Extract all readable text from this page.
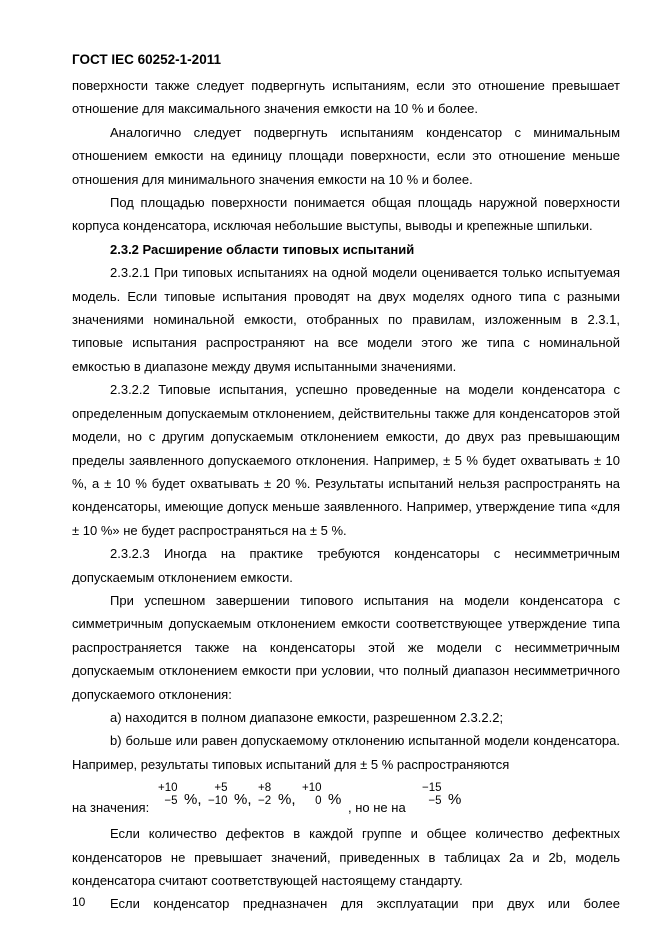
ГОСТ IEC 60252-1-2011

поверхности также следует подвергнуть испытаниям, если это отношение превышает отношение для максимального значения емкости на 10 % и более.

Аналогично следует подвергнуть испытаниям конденсатор с минимальным отношением емкости на единицу площади поверхности, если это отношение меньше отношения для минимального значения емкости на 10 % и более.

Под площадью поверхности понимается общая площадь наружной поверхности корпуса конденсатора, исключая небольшие выступы, выводы и крепежные шпильки.

2.3.2 Расширение области типовых испытаний

2.3.2.1 При типовых испытаниях на одной модели оценивается только испытуемая модель. Если типовые испытания проводят на двух моделях одного типа с разными значениями номинальной емкости, отобранных по правилам, изложенным в 2.3.1, типовые испытания распространяют на все модели этого же типа с номинальной емкостью в диапазоне между двумя испытанными значениями.

2.3.2.2 Типовые испытания, успешно проведенные на модели конденсатора с определенным допускаемым отклонением, действительны также для конденсаторов этой модели, но с другим допускаемым отклонением емкости, до двух раз превышающим пределы заявленного допускаемого отклонения. Например, ± 5 % будет охватывать ± 10 %, а ± 10 % будет охватывать ± 20 %. Результаты испытаний нельзя распространять на конденсаторы, имеющие допуск меньше заявленного. Например, утверждение типа «для ± 10 %» не будет распространяться на ± 5 %.

2.3.2.3 Иногда на практике требуются конденсаторы с несимметричным допускаемым отклонением емкости.

При успешном завершении типового испытания на модели конденсатора с симметричным допускаемым отклонением емкости соответствующее утверждение типа распространяется также на конденсаторы этой же модели с несимметричным допускаемым отклонением емкости при условии, что полный диапазон несимметричного допускаемого отклонения:

а) находится в полном диапазоне емкости, разрешенном 2.3.2.2;

b) больше или равен допускаемому отклонению испытанной модели конденсатора. Например, результаты типовых испытаний для ± 5 % распространяются

на значения:
+10
−5 %,
+5
−10 %,
+8
−2 %,
+10
0 % , но не на
−15
−5 %

Если количество дефектов в каждой группе и общее количество дефектных конденсаторов не превышает значений, приведенных в таблицах 2а и 2b, модель конденсатора считают соответствующей настоящему стандарту.

Если конденсатор предназначен для эксплуатации при двух или более

10
